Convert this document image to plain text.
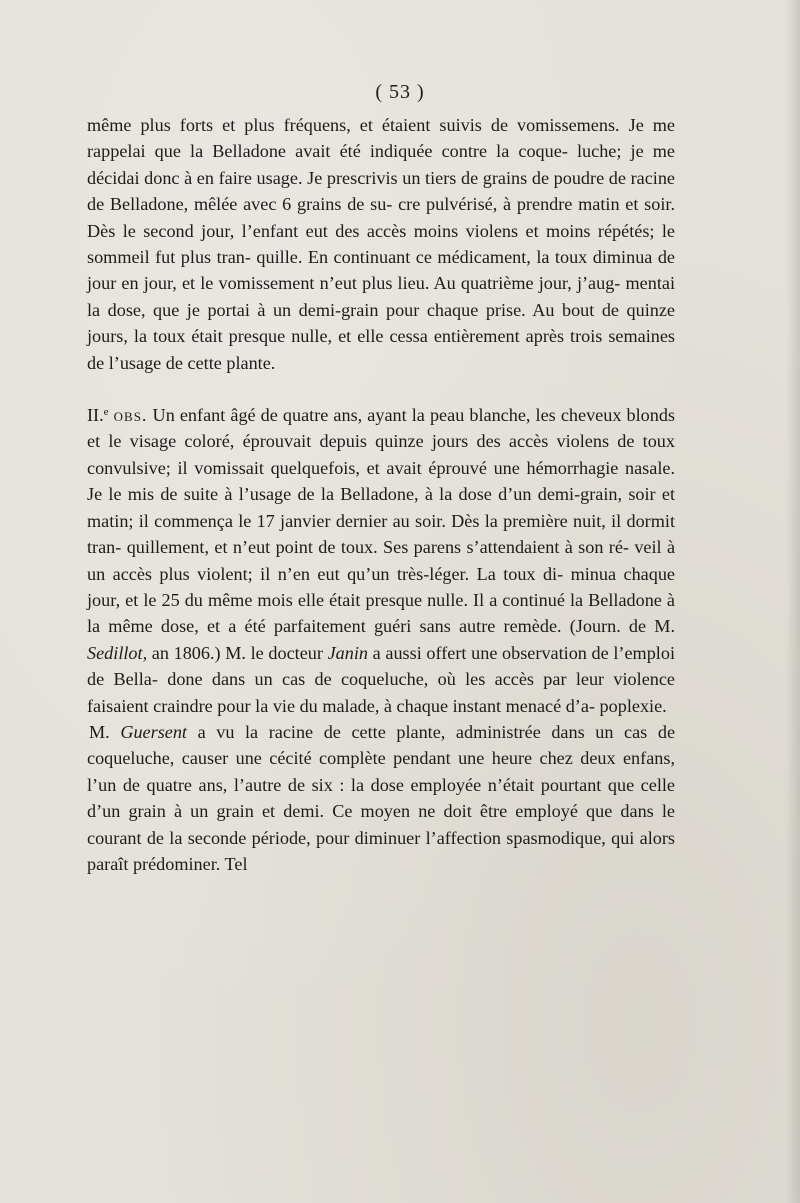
( 53 )

même plus forts et plus fréquens, et étaient suivis de vomissemens. Je me rappelai que la Belladone avait été indiquée contre la coque- luche; je me décidai donc à en faire usage. Je prescrivis un tiers de grains de poudre de racine de Belladone, mêlée avec 6 grains de su- cre pulvérisé, à prendre matin et soir. Dès le second jour, l’enfant eut des accès moins violens et moins répétés; le sommeil fut plus tran- quille. En continuant ce médicament, la toux diminua de jour en jour, et le vomissement n’eut plus lieu. Au quatrième jour, j’aug- mentai la dose, que je portai à un demi-grain pour chaque prise. Au bout de quinze jours, la toux était presque nulle, et elle cessa entièrement après trois semaines de l’usage de cette plante.

II.$^e$ obs. Un enfant âgé de quatre ans, ayant la peau blanche, les cheveux blonds et le visage coloré, éprouvait depuis quinze jours des accès violens de toux convulsive; il vomissait quelquefois, et avait éprouvé une hémorrhagie nasale. Je le mis de suite à l’usage de la Belladone, à la dose d’un demi-grain, soir et matin; il commença le 17 janvier dernier au soir. Dès la première nuit, il dormit tran- quillement, et n’eut point de toux. Ses parens s’attendaient à son ré- veil à un accès plus violent; il n’en eut qu’un très-léger. La toux di- minua chaque jour, et le 25 du même mois elle était presque nulle. Il a continué la Belladone à la même dose, et a été parfaitement guéri sans autre remède. (Journ. de M. Sedillot, an 1806.) M. le docteur Janin a aussi offert une observation de l’emploi de Bella- done dans un cas de coqueluche, où les accès par leur violence faisaient craindre pour la vie du malade, à chaque instant menacé d’a- poplexie.

M. Guersent a vu la racine de cette plante, administrée dans un cas de coqueluche, causer une cécité complète pendant une heure chez deux enfans, l’un de quatre ans, l’autre de six : la dose employée n’était pourtant que celle d’un grain à un grain et demi. Ce moyen ne doit être employé que dans le courant de la seconde période, pour diminuer l’affection spasmodique, qui alors paraît prédominer. Tel
